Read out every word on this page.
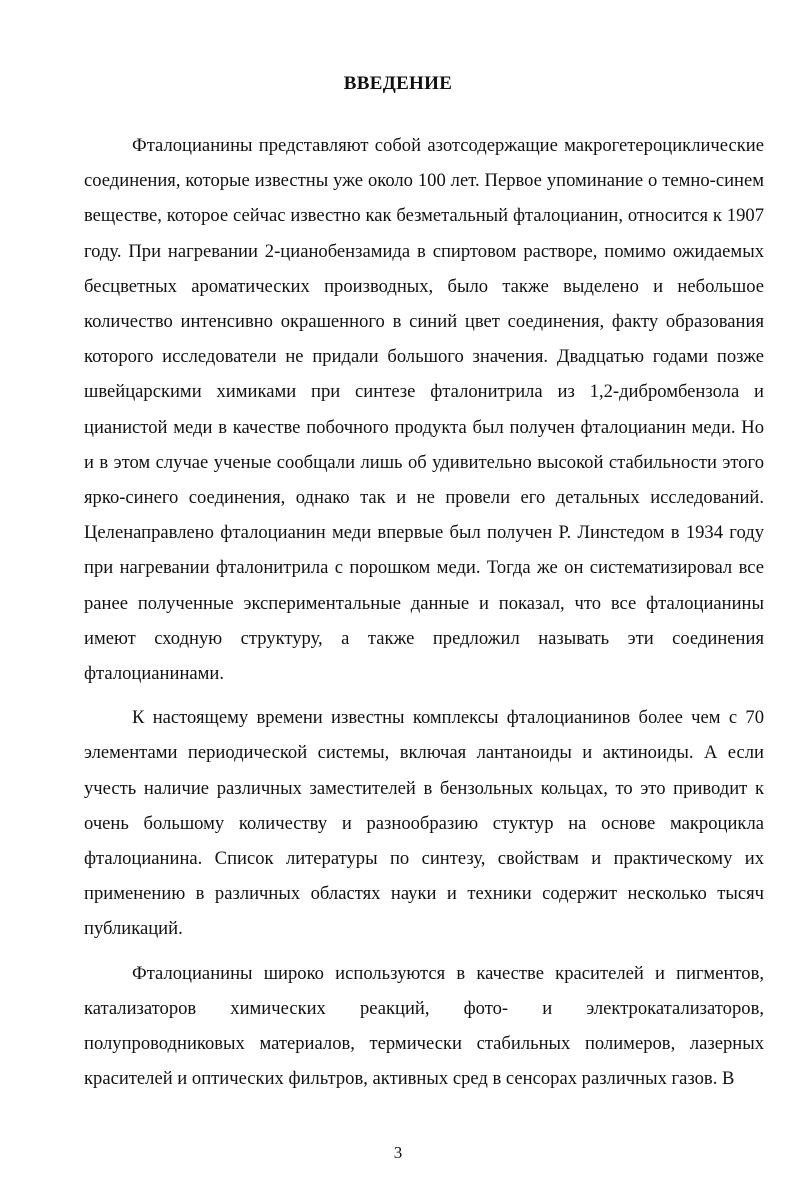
ВВЕДЕНИЕ

Фталоцианины представляют собой азотсодержащие макрогетероциклические соединения, которые известны уже около 100 лет. Первое упоминание о темно-синем веществе, которое сейчас известно как безметальный фталоцианин, относится к 1907 году. При нагревании 2-цианобензамида в спиртовом растворе, помимо ожидаемых бесцветных ароматических производных, было также выделено и небольшое количество интенсивно окрашенного в синий цвет соединения, факту образования которого исследователи не придали большого значения. Двадцатью годами позже швейцарскими химиками при синтезе фталонитрила из 1,2-дибромбензола и цианистой меди в качестве побочного продукта был получен фталоцианин меди. Но и в этом случае ученые сообщали лишь об удивительно высокой стабильности этого ярко-синего соединения, однако так и не провели его детальных исследований. Целенаправлено фталоцианин меди впервые был получен Р. Линстедом в 1934 году при нагревании фталонитрила с порошком меди. Тогда же он систематизировал все ранее полученные экспериментальные данные и показал, что все фталоцианины имеют сходную структуру, а также предложил называть эти соединения фталоцианинами.

К настоящему времени известны комплексы фталоцианинов более чем с 70 элементами периодической системы, включая лантаноиды и актиноиды. А если учесть наличие различных заместителей в бензольных кольцах, то это приводит к очень большому количеству и разнообразию стуктур на основе макроцикла фталоцианина. Список литературы по синтезу, свойствам и практическому их применению в различных областях науки и техники содержит несколько тысяч публикаций.

Фталоцианины широко используются в качестве красителей и пигментов, катализаторов химических реакций, фото- и электрокатализаторов, полупроводниковых материалов, термически стабильных полимеров, лазерных красителей и оптических фильтров, активных сред в сенсорах различных газов. В

3
